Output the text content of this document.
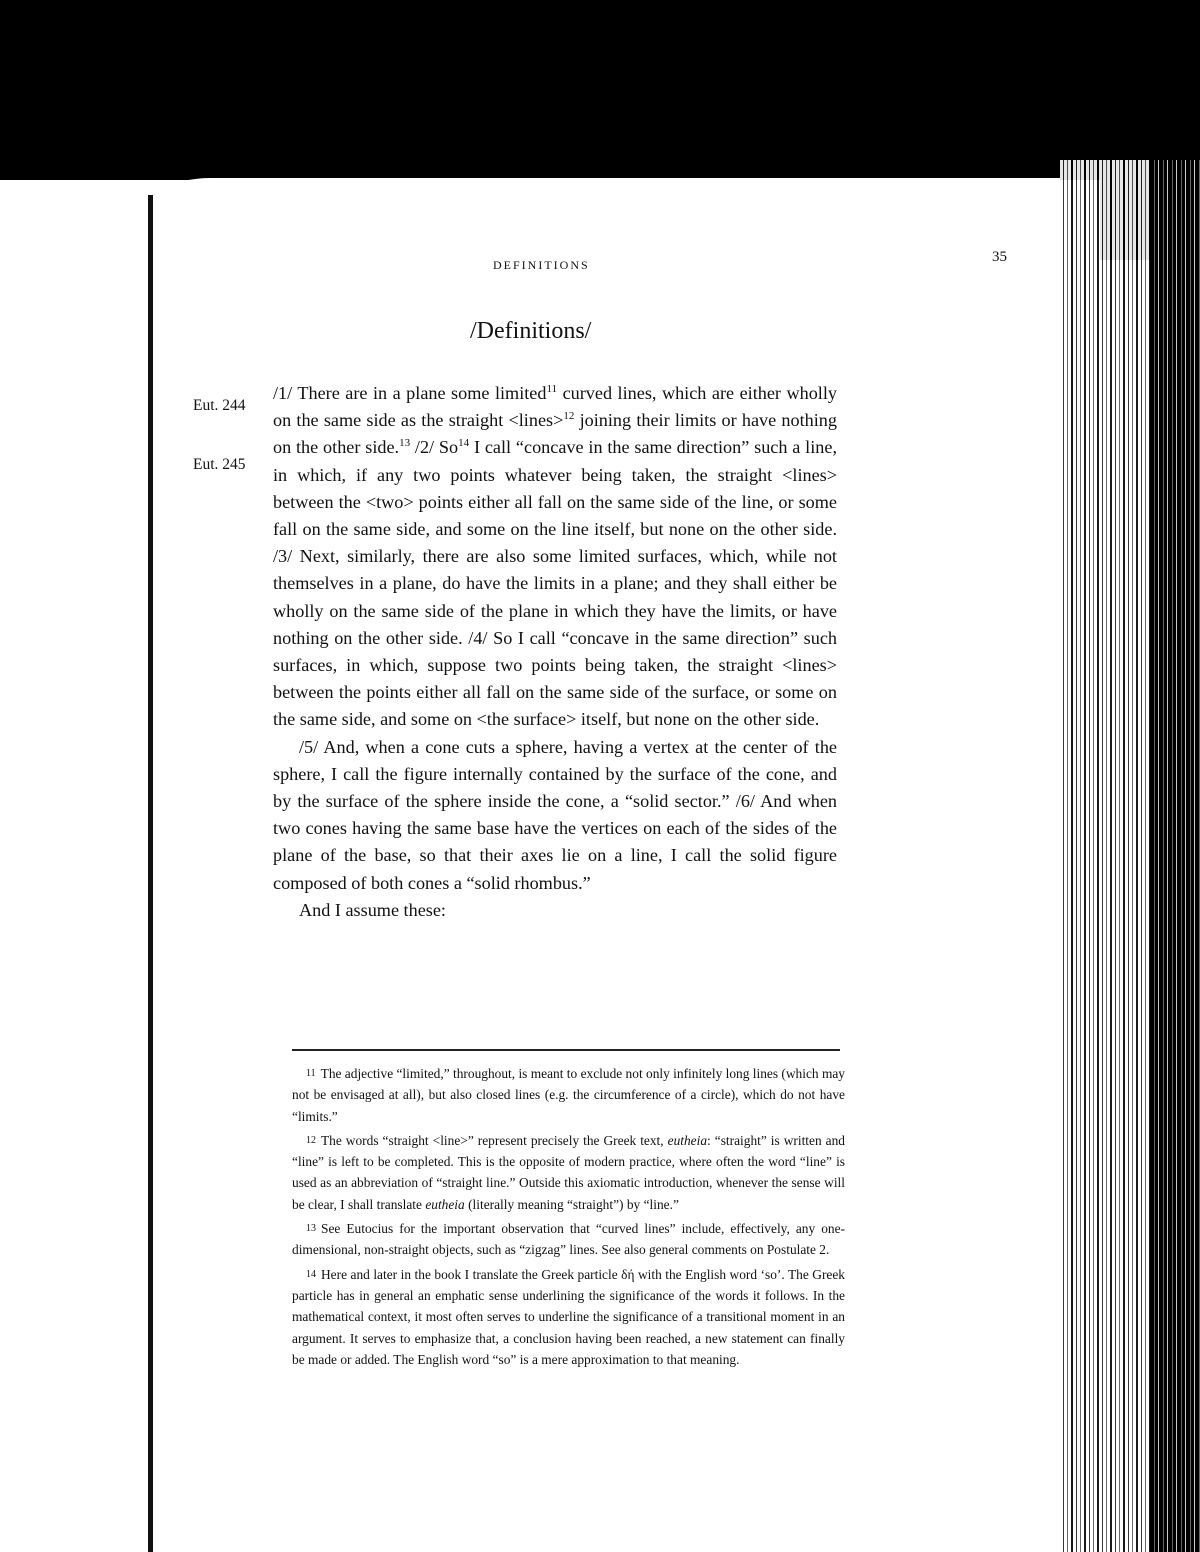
DEFINITIONS	35
/Definitions/
Eut. 244
Eut. 245

/1/ There are in a plane some limited$^{11}$ curved lines, which are either wholly on the same side as the straight <lines>$^{12}$ joining their limits or have nothing on the other side.$^{13}$ /2/ So$^{14}$ I call “concave in the same direction” such a line, in which, if any two points whatever being taken, the straight <lines> between the <two> points either all fall on the same side of the line, or some fall on the same side, and some on the line itself, but none on the other side. /3/ Next, similarly, there are also some limited surfaces, which, while not themselves in a plane, do have the limits in a plane; and they shall either be wholly on the same side of the plane in which they have the limits, or have nothing on the other side. /4/ So I call “concave in the same direction” such surfaces, in which, suppose two points being taken, the straight <lines> between the points either all fall on the same side of the surface, or some on the same side, and some on <the surface> itself, but none on the other side.

/5/ And, when a cone cuts a sphere, having a vertex at the center of the sphere, I call the figure internally contained by the surface of the cone, and by the surface of the sphere inside the cone, a “solid sector.” /6/ And when two cones having the same base have the vertices on each of the sides of the plane of the base, so that their axes lie on a line, I call the solid figure composed of both cones a “solid rhombus.”

And I assume these:

$^{11}$ The adjective “limited,” throughout, is meant to exclude not only infinitely long lines (which may not be envisaged at all), but also closed lines (e.g. the circumference of a circle), which do not have “limits.”

$^{12}$ The words “straight <line>” represent precisely the Greek text, eutheia: “straight” is written and “line” is left to be completed. This is the opposite of modern practice, where often the word “line” is used as an abbreviation of “straight line.” Outside this axiomatic introduction, whenever the sense will be clear, I shall translate eutheia (literally meaning “straight”) by “line.”

$^{13}$ See Eutocius for the important observation that “curved lines” include, effectively, any one-dimensional, non-straight objects, such as “zigzag” lines. See also general comments on Postulate 2.

$^{14}$ Here and later in the book I translate the Greek particle δή with the English word ‘so’. The Greek particle has in general an emphatic sense underlining the significance of the words it follows. In the mathematical context, it most often serves to underline the significance of a transitional moment in an argument. It serves to emphasize that, a conclusion having been reached, a new statement can finally be made or added. The English word “so” is a mere approximation to that meaning.
